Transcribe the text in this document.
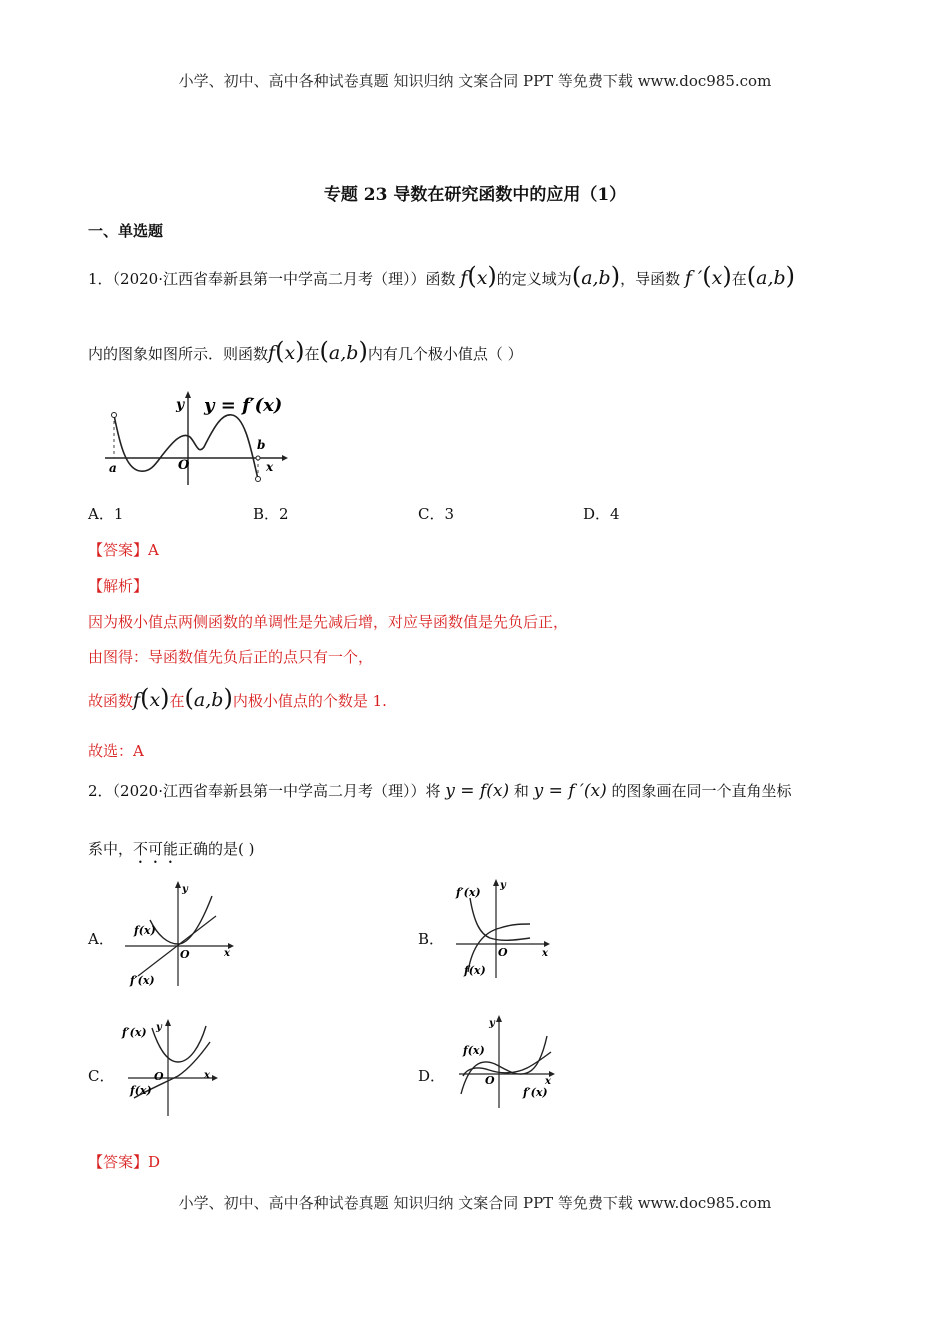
小学、初中、高中各种试卷真题 知识归纳 文案合同 PPT 等免费下载 www.doc985.com
专题 23 导数在研究函数中的应用（1）
一、单选题
1．（2020·江西省奉新县第一中学高二月考（理））函数 f(x)的定义域为(a,b)，导函数 f ′(x)在(a,b)
内的图象如图所示．则函数f(x)在(a,b)内有几个极小值点（ ）
y y = f′(x)
a
b
O	x
A．1	B．2	C．3	D．4
【答案】A
【解析】
因为极小值点两侧函数的单调性是先减后增，对应导函数值是先负后正，
由图得：导函数值先负后正的点只有一个，
故函数f(x)在(a,b)内极小值点的个数是 1.
故选：A
2．（2020·江西省奉新县第一中学高二月考（理））将 y = f(x) 和 y = f ′(x) 的图象画在同一个直角坐标
系中，不可能正确的是( )
A．
y
x
O
f(x)
f′(x)
B．
y
x
O
f′(x)
f(x)
C．
y
x
O
f′(x)
f(x)
D．
y
x
O
f(x)
f′(x)
【答案】D
小学、初中、高中各种试卷真题 知识归纳 文案合同 PPT 等免费下载 www.doc985.com
